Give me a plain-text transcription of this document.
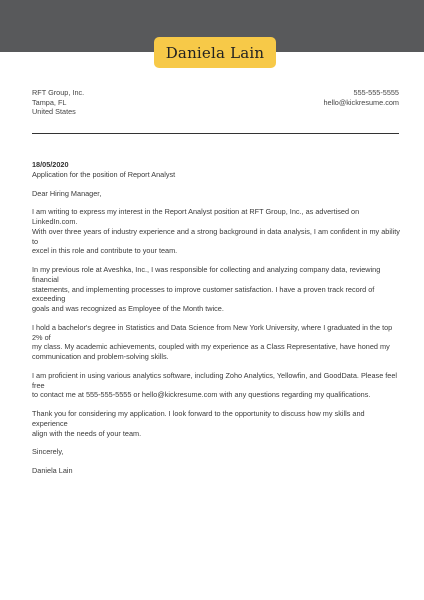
Daniela Lain
RFT Group, Inc.
Tampa, FL
United States
555-555-5555
hello@kickresume.com

18/05/2020

Application for the position of Report Analyst

Dear Hiring Manager,

I am writing to express my interest in the Report Analyst position at RFT Group, Inc., as advertised on LinkedIn.com.
With over three years of industry experience and a strong background in data analysis, I am confident in my ability to
excel in this role and contribute to your team.

In my previous role at Aveshka, Inc., I was responsible for collecting and analyzing company data, reviewing financial
statements, and implementing processes to improve customer satisfaction. I have a proven track record of exceeding
goals and was recognized as Employee of the Month twice.

I hold a bachelor's degree in Statistics and Data Science from New York University, where I graduated in the top 2% of
my class. My academic achievements, coupled with my experience as a Class Representative, have honed my
communication and problem-solving skills.

I am proficient in using various analytics software, including Zoho Analytics, Yellowfin, and GoodData. Please feel free
to contact me at 555-555-5555 or hello@kickresume.com with any questions regarding my qualifications.

Thank you for considering my application. I look forward to the opportunity to discuss how my skills and experience
align with the needs of your team.

Sincerely,

Daniela Lain
